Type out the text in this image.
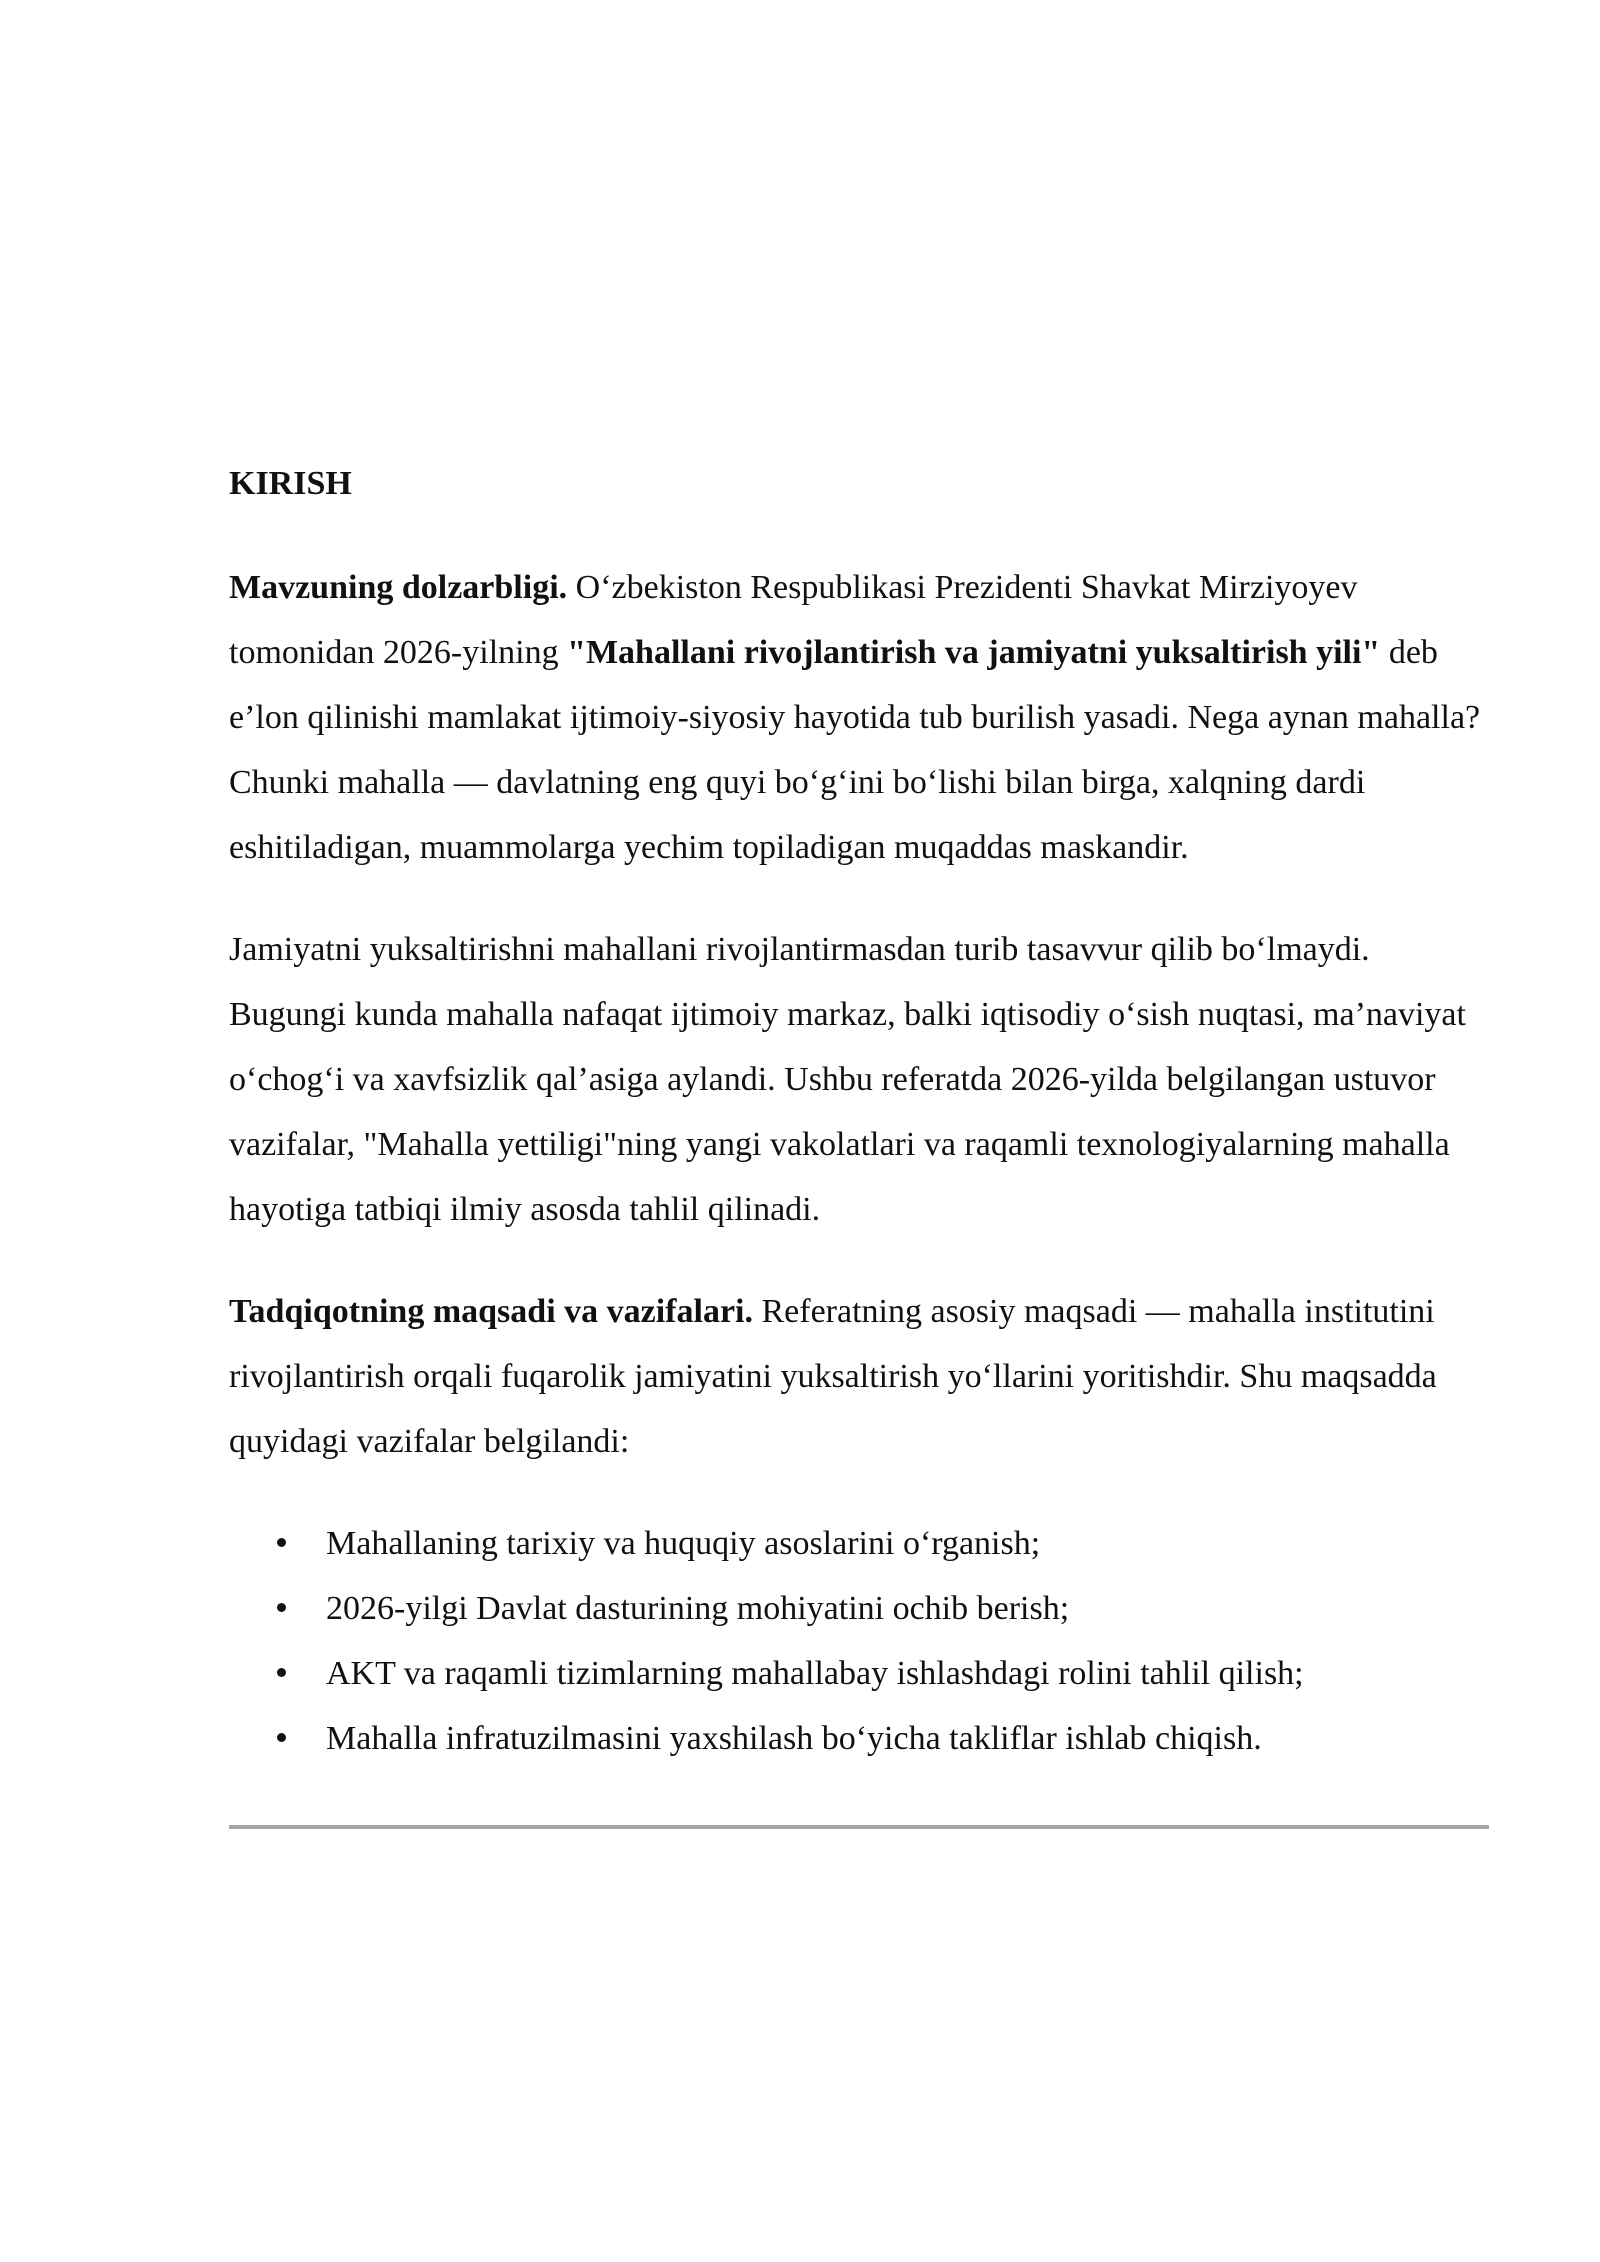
KIRISH

Mavzuning dolzarbligi. O‘zbekiston Respublikasi Prezidenti Shavkat Mirziyoyev tomonidan 2026-yilning "Mahallani rivojlantirish va jamiyatni yuksaltirish yili" deb e’lon qilinishi mamlakat ijtimoiy-siyosiy hayotida tub burilish yasadi. Nega aynan mahalla? Chunki mahalla — davlatning eng quyi bo‘g‘ini bo‘lishi bilan birga, xalqning dardi eshitiladigan, muammolarga yechim topiladigan muqaddas maskandir.

Jamiyatni yuksaltirishni mahallani rivojlantirmasdan turib tasavvur qilib bo‘lmaydi. Bugungi kunda mahalla nafaqat ijtimoiy markaz, balki iqtisodiy o‘sish nuqtasi, ma’naviyat o‘chog‘i va xavfsizlik qal’asiga aylandi. Ushbu referatda 2026-yilda belgilangan ustuvor vazifalar, "Mahalla yettiligi"ning yangi vakolatlari va raqamli texnologiyalarning mahalla hayotiga tatbiqi ilmiy asosda tahlil qilinadi.

Tadqiqotning maqsadi va vazifalari. Referatning asosiy maqsadi — mahalla institutini rivojlantirish orqali fuqarolik jamiyatini yuksaltirish yo‘llarini yoritishdir. Shu maqsadda quyidagi vazifalar belgilandi:

Mahallaning tarixiy va huquqiy asoslarini o‘rganish;
2026-yilgi Davlat dasturining mohiyatini ochib berish;
AKT va raqamli tizimlarning mahallabay ishlashdagi rolini tahlil qilish;
Mahalla infratuzilmasini yaxshilash bo‘yicha takliflar ishlab chiqish.
